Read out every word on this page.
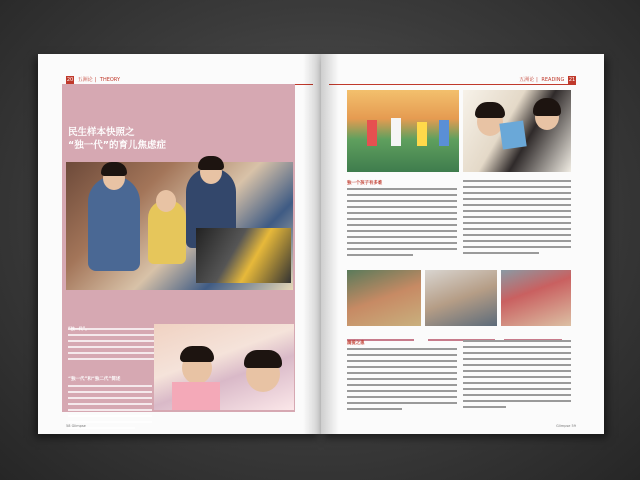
20 五洲论 | THEORY
民生样本快照之
“独一代”的育儿焦虑症
“独一代”和“独二代”简述
58 Glimpse
五洲论 | READING 21
独一个孩子有多难
溺爱之患
Glimpse 59
